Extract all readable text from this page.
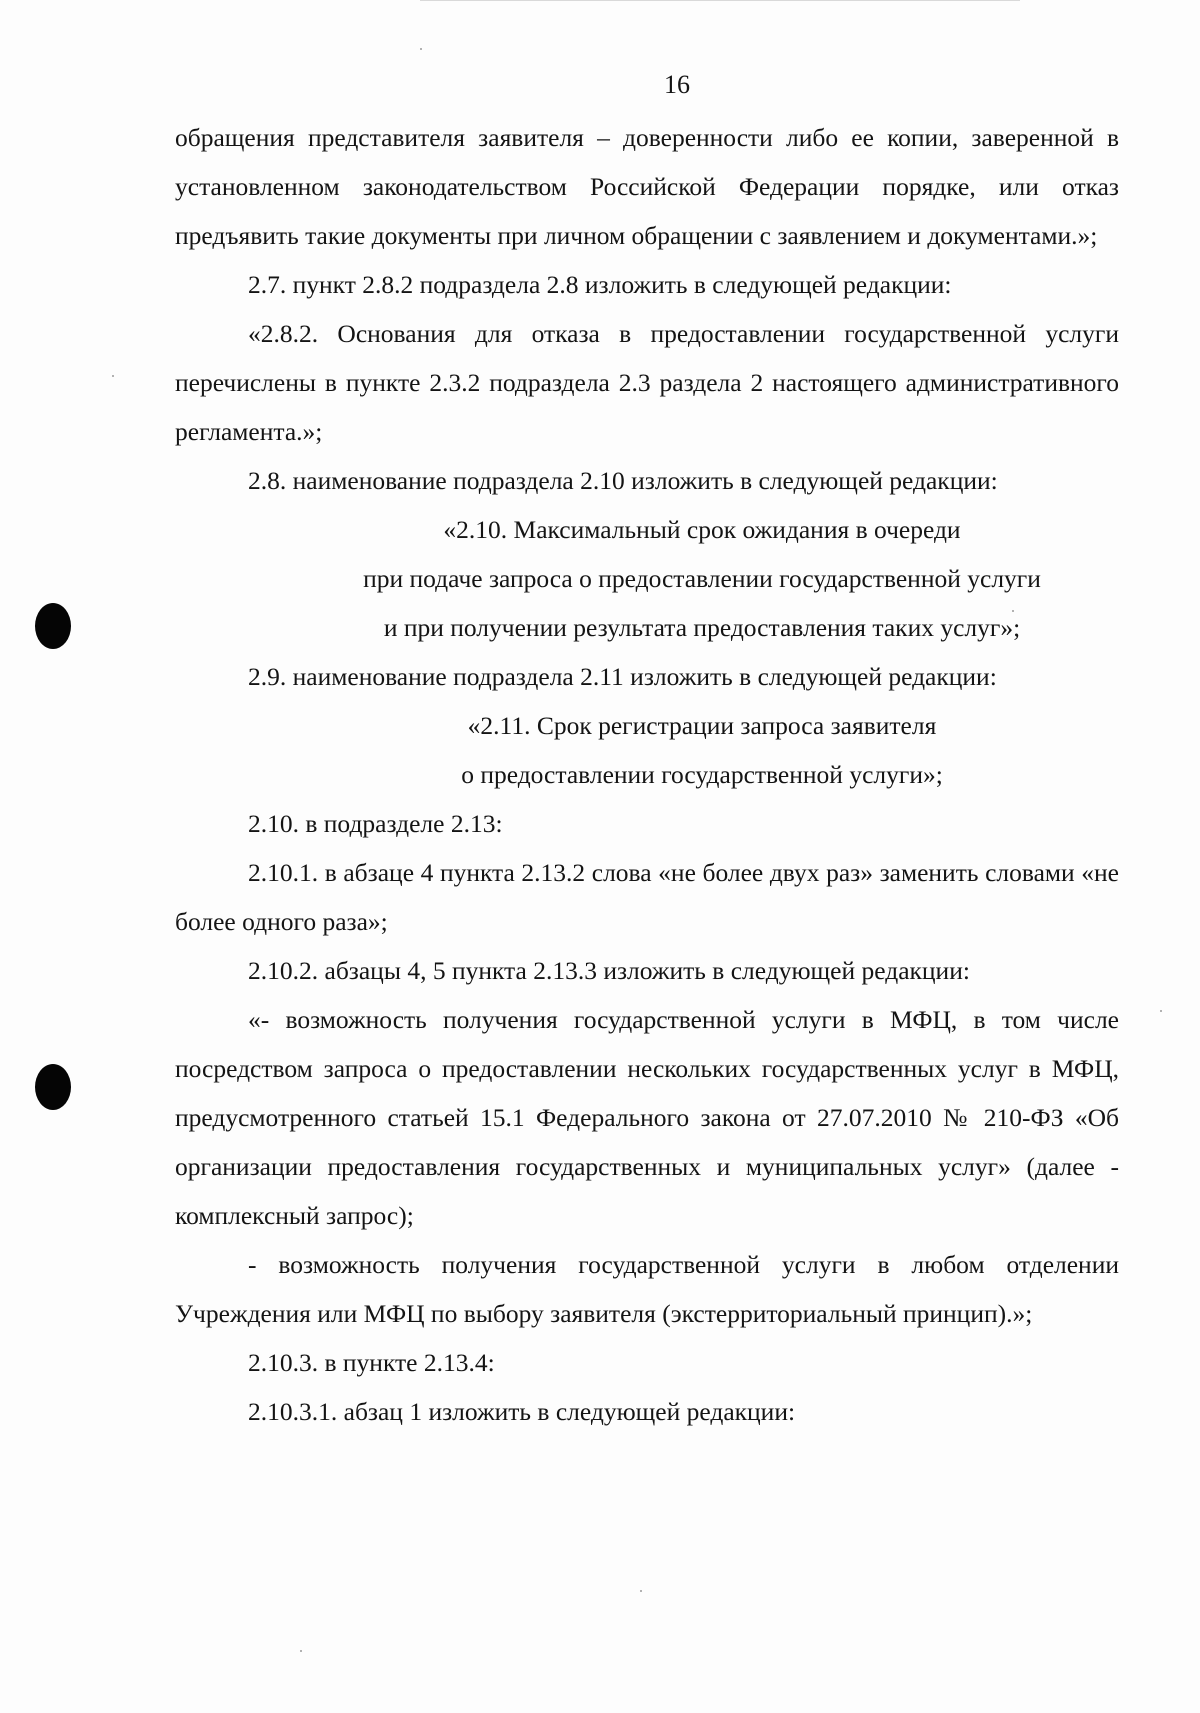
16

обращения представителя заявителя – доверенности либо ее копии, заверенной в установленном законодательством Российской Федерации порядке, или отказ предъявить такие документы при личном обращении с заявлением и документами.»;

2.7. пункт 2.8.2 подраздела 2.8 изложить в следующей редакции:

«2.8.2. Основания для отказа в предоставлении государственной услуги перечислены в пункте 2.3.2 подраздела 2.3 раздела 2 настоящего административного регламента.»;

2.8. наименование подраздела 2.10 изложить в следующей редакции:

«2.10. Максимальный срок ожидания в очереди

при подаче запроса о предоставлении государственной услуги

и при получении результата предоставления таких услуг»;

2.9. наименование подраздела 2.11 изложить в следующей редакции:

«2.11. Срок регистрации запроса заявителя

о предоставлении государственной услуги»;

2.10. в подразделе 2.13:

2.10.1. в абзаце 4 пункта 2.13.2 слова «не более двух раз» заменить словами «не более одного раза»;

2.10.2. абзацы 4, 5 пункта 2.13.3 изложить в следующей редакции:

«- возможность получения государственной услуги в МФЦ, в том числе посредством запроса о предоставлении нескольких государственных услуг в МФЦ, предусмотренного статьей 15.1 Федерального закона от 27.07.2010 № 210-ФЗ «Об организации предоставления государственных и муниципальных услуг» (далее - комплексный запрос);

- возможность получения государственной услуги в любом отделении Учреждения или МФЦ по выбору заявителя (экстерриториальный принцип).»;

2.10.3. в пункте 2.13.4:

2.10.3.1. абзац 1 изложить в следующей редакции:
